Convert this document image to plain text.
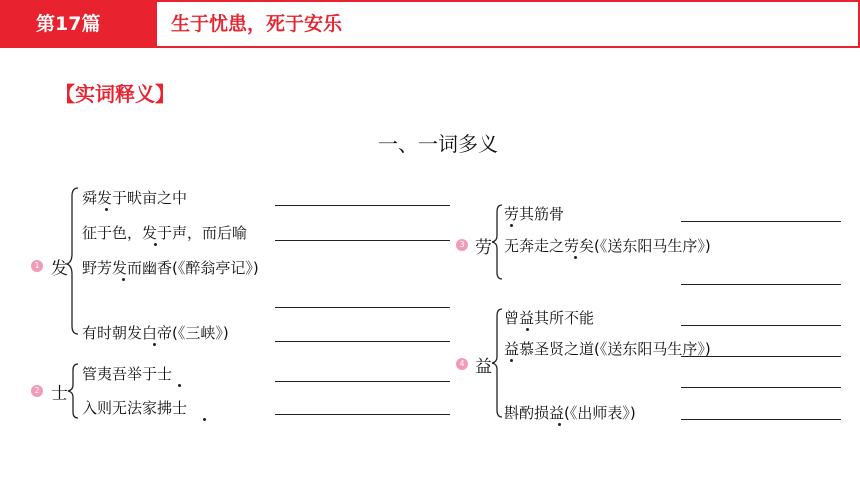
第17篇	生于忧患，死于安乐
【实词释义】
一、一词多义
1 发
舜发于畎亩之中
征于色，发于声，而后喻
野芳发而幽香(《醉翁亭记》)
有时朝发白帝(《三峡》)
2 士
管夷吾举于士
入则无法家拂士
3 劳
劳其筋骨
无奔走之劳矣(《送东阳马生序》)
4 益
曾益其所不能
益慕圣贤之道(《送东阳马生序》)
斟酌损益(《出师表》)
